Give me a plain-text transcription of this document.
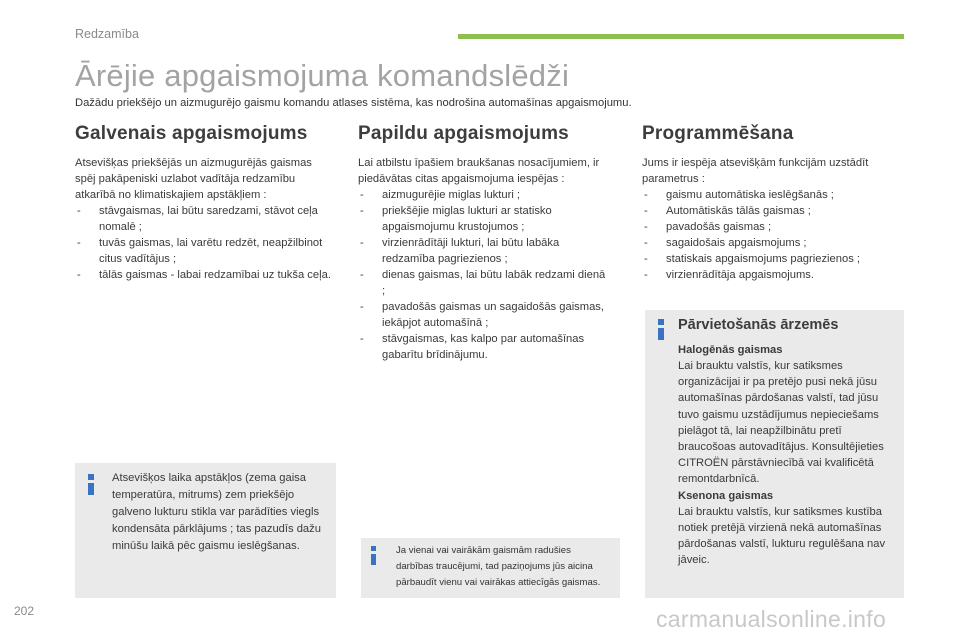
Redzamība
Ārējie apgaismojuma komandslēdži
Dažādu priekšējo un aizmugurējo gaismu komandu atlases sistēma, kas nodrošina automašīnas apgaismojumu.
Galvenais apgaismojums
Atsevišķas priekšējās un aizmugurējās gaismas spēj pakāpeniski uzlabot vadītāja redzamību atkarībā no klimatiskajiem apstākļiem :
- stāvgaismas, lai būtu saredzami, stāvot ceļa nomalē ;
- tuvās gaismas, lai varētu redzēt, neapžilbinot citus vadītājus ;
- tālās gaismas - labai redzamībai uz tukša ceļa.
Atsevišķos laika apstākļos (zema gaisa temperatūra, mitrums) zem priekšējo galveno lukturu stikla var parādīties viegls kondensāta pārklājums ; tas pazudīs dažu minūšu laikā pēc gaismu ieslēgšanas.
Papildu apgaismojums
Lai atbilstu īpašiem braukšanas nosacījumiem, ir piedāvātas citas apgaismojuma iespējas :
- aizmugurējie miglas lukturi ;
- priekšējie miglas lukturi ar statisko apgaismojumu krustojumos ;
- virzienrādītāji lukturi, lai būtu labāka redzamība pagriezienos ;
- dienas gaismas, lai būtu labāk redzami dienā ;
- pavadošās gaismas un sagaidošās gaismas, iekāpjot automašīnā ;
- stāvgaismas, kas kalpo par automašīnas gabarītu brīdinājumu.
Ja vienai vai vairākām gaismām radušies
darbības traucējumi, tad paziņojums jūs aicina
pārbaudīt vienu vai vairākas attiecīgās gaismas.
Programmēšana
Jums ir iespēja atsevišķām funkcijām uzstādīt parametrus :
- gaismu automātiska ieslēgšanās ;
- Automātiskās tālās gaismas ;
- pavadošās gaismas ;
- sagaidošais apgaismojums ;
- statiskais apgaismojums pagriezienos ;
- virzienrādītāja apgaismojums.
Pārvietošanās ārzemēs
Halogēnās gaismas
Lai brauktu valstīs, kur satiksmes organizācijai ir pa pretējo pusi nekā jūsu automašīnas pārdošanas valstī, tad jūsu tuvo gaismu uzstādījumus nepieciešams pielāgot tā, lai neapžilbinātu pretī braucošoas autovadītājus. Konsultējieties CITROËN pārstāvniecībā vai kvalificētā remontdarbnīcā.
Ksenona gaismas
Lai brauktu valstīs, kur satiksmes kustība notiek pretējā virzienā nekā automašīnas pārdošanas valstī, lukturu regulēšana nav jāveic.
202	carmanualsonline.info
